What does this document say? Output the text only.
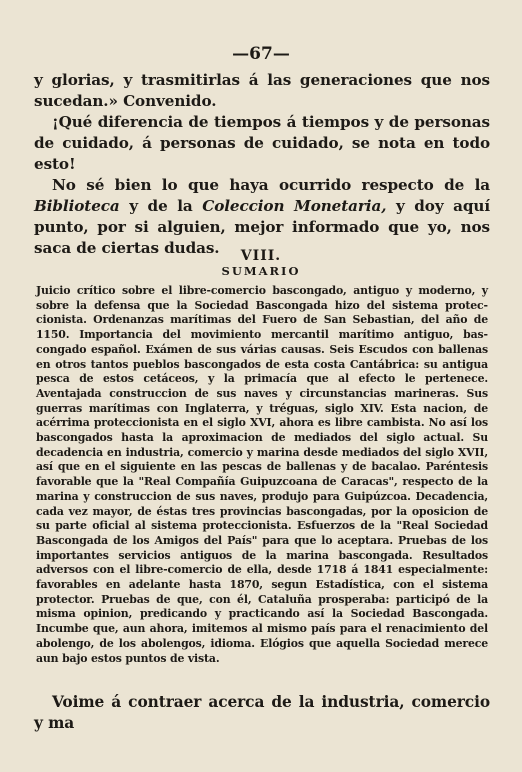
—67—

y glorias, y trasmitirlas á las generaciones que nos sucedan.» Convenido.

¡Qué diferencia de tiempos á tiempos y de personas de cuidado, á personas de cuidado, se nota en todo esto!

No sé bien lo que haya ocurrido respecto de la Biblioteca y de la Coleccion Monetaria, y doy aquí punto, por si alguien, mejor informado que yo, nos saca de ciertas dudas.	VIII.
SUMARIO

Juicio crítico sobre el libre-comercio bascongado, antiguo y moderno, y sobre la defensa que la Sociedad Bascongada hizo del sistema proteccionista. Ordenanzas marítimas del Fuero de San Sebastian, del año de 1150. Importancia del movimiento mercantil marítimo antiguo, bascongado español. Exámen de sus várias causas. Seis Escudos con ballenas en otros tantos pueblos bascongados de esta costa Cantábrica: su antigua pesca de estos cetáceos, y la primacía que al efecto le pertenece. Aventajada construccion de sus naves y circunstancias marineras. Sus guerras marítimas con Inglaterra, y tréguas, siglo XIV. Esta nacion, de acérrima proteccionista en el siglo XVI, ahora es libre cambista. No así los bascongados hasta la aproximacion de mediados del siglo actual. Su decadencia en industria, comercio y marina desde mediados del siglo XVII, así que en el siguiente en las pescas de ballenas y de bacalao. Paréntesis favorable que la "Real Compañía Guipuzcoana de Caracas", respecto de la marina y construccion de sus naves, produjo para Guipúzcoa. Decadencia, cada vez mayor, de éstas tres provincias bascongadas, por la oposicion de su parte oficial al sistema proteccionista. Esfuerzos de la "Real Sociedad Bascongada de los Amigos del País" para que lo aceptara. Pruebas de los importantes servicios antiguos de la marina bascongada. Resultados adversos con el libre-comercio de ella, desde 1718 á 1841 especialmente: favorables en adelante hasta 1870, segun Estadística, con el sistema protector. Pruebas de que, con él, Cataluña prosperaba: participó de la misma opinion, predicando y practicando así la Sociedad Bascongada. Incumbe que, aun ahora, imitemos al mismo país para el renacimiento del abolengo, de los abolengos, idioma. Elógios que aquella Sociedad merece aun bajo estos puntos de vista.

Voime á contraer acerca de la industria, comercio y ma
